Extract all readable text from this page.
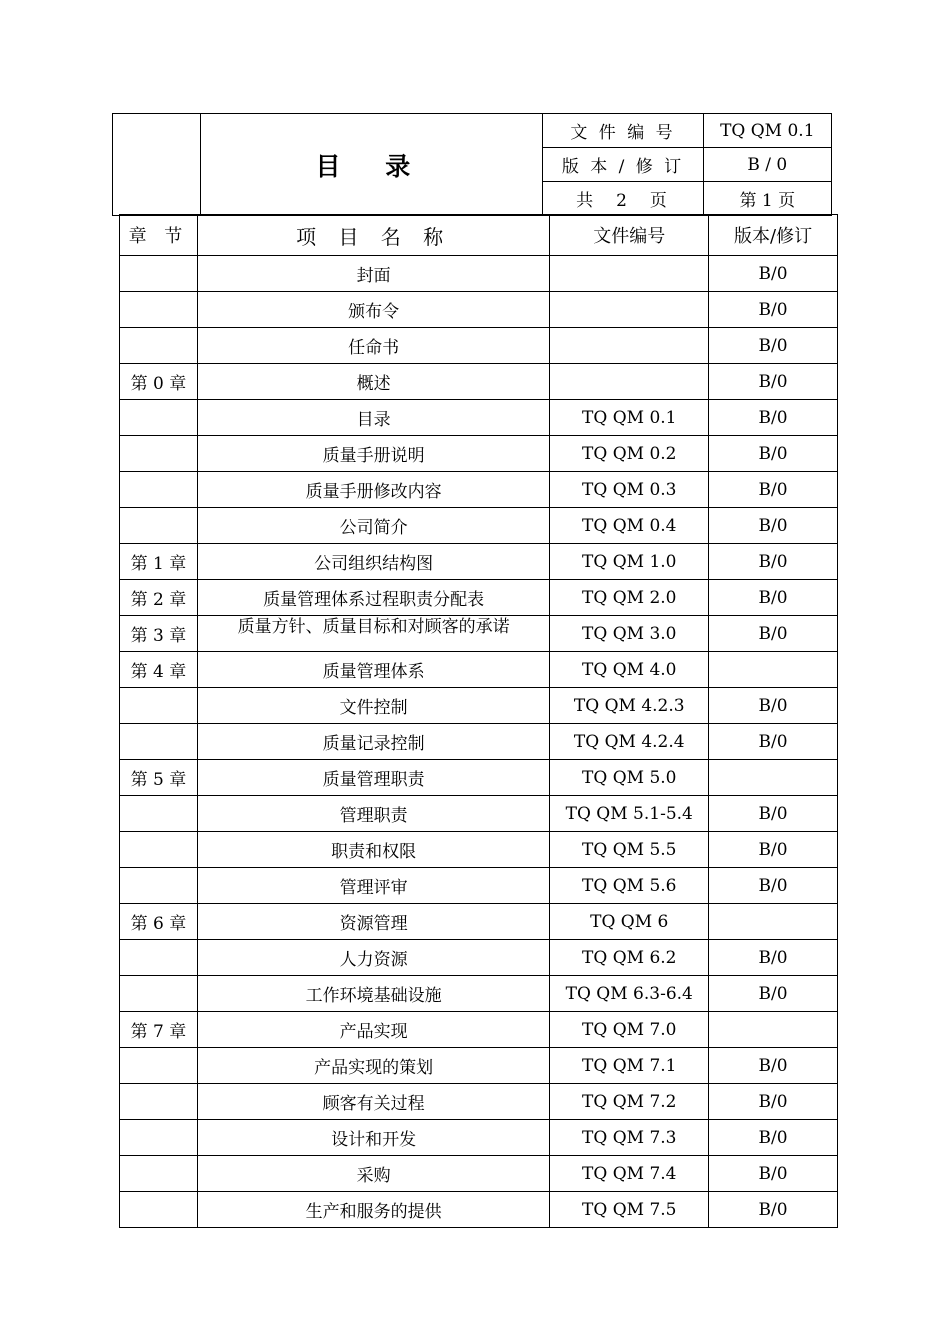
	目 录	文 件 编 号	TQ QM 0.1
		版 本 / 修 订	B / 0
		共　2　页	第 1 页
章 节	项 目 名 称	文件编号	版本/修订
	封面		B/0
	颁布令		B/0
	任命书		B/0
第 0 章	概述		B/0
	目录	TQ QM 0.1	B/0
	质量手册说明	TQ QM 0.2	B/0
	质量手册修改内容	TQ QM 0.3	B/0
	公司简介	TQ QM 0.4	B/0
第 1 章	公司组织结构图	TQ QM 1.0	B/0
第 2 章	质量管理体系过程职责分配表	TQ QM 2.0	B/0
第 3 章	质量方针、质量目标和对顾客的承诺	TQ QM 3.0	B/0
第 4 章	质量管理体系	TQ QM 4.0	
	文件控制	TQ QM 4.2.3	B/0
	质量记录控制	TQ QM 4.2.4	B/0
第 5 章	质量管理职责	TQ QM 5.0	
	管理职责	TQ QM 5.1-5.4	B/0
	职责和权限	TQ QM 5.5	B/0
	管理评审	TQ QM 5.6	B/0
第 6 章	资源管理	TQ QM 6	
	人力资源	TQ QM 6.2	B/0
	工作环境基础设施	TQ QM 6.3-6.4	B/0
第 7 章	产品实现	TQ QM 7.0	
	产品实现的策划	TQ QM 7.1	B/0
	顾客有关过程	TQ QM 7.2	B/0
	设计和开发	TQ QM 7.3	B/0
	采购	TQ QM 7.4	B/0
	生产和服务的提供	TQ QM 7.5	B/0
